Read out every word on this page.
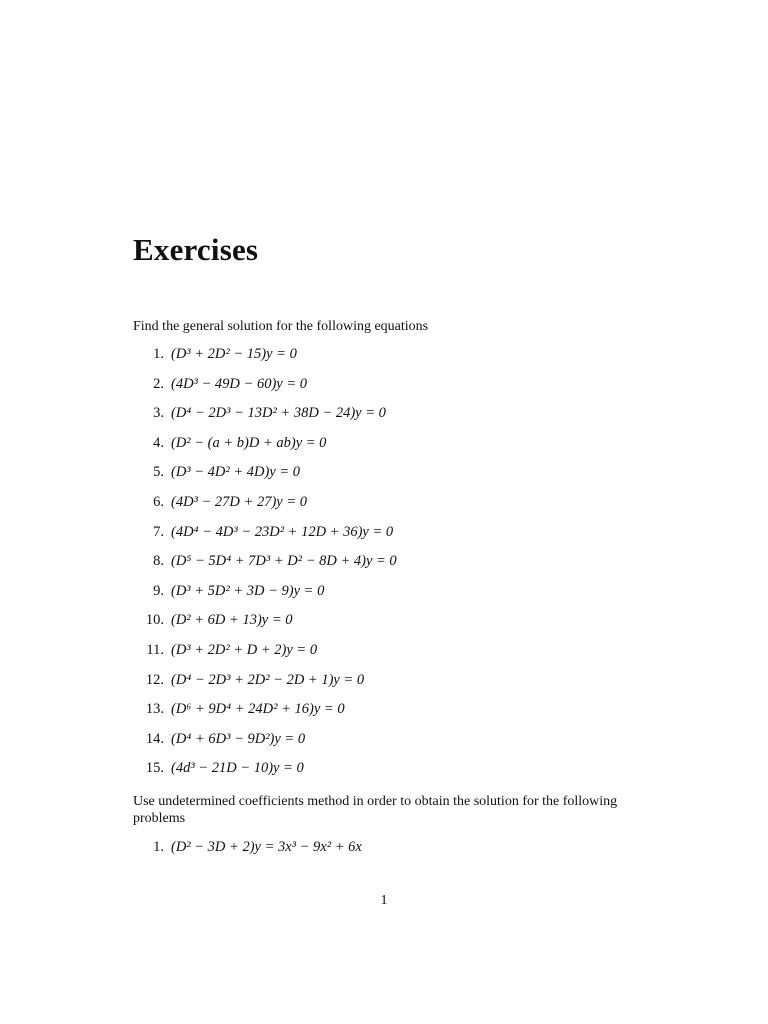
Exercises
Find the general solution for the following equations
1. (D³ + 2D² − 15)y = 0
2. (4D³ − 49D − 60)y = 0
3. (D⁴ − 2D³ − 13D² + 38D − 24)y = 0
4. (D² − (a + b)D + ab)y = 0
5. (D³ − 4D² + 4D)y = 0
6. (4D³ − 27D + 27)y = 0
7. (4D⁴ − 4D³ − 23D² + 12D + 36)y = 0
8. (D⁵ − 5D⁴ + 7D³ + D² − 8D + 4)y = 0
9. (D³ + 5D² + 3D − 9)y = 0
10. (D² + 6D + 13)y = 0
11. (D³ + 2D² + D + 2)y = 0
12. (D⁴ − 2D³ + 2D² − 2D + 1)y = 0
13. (D⁶ + 9D⁴ + 24D² + 16)y = 0
14. (D⁴ + 6D³ − 9D²)y = 0
15. (4d³ − 21D − 10)y = 0
Use undetermined coefficients method in order to obtain the solution for the following problems
1. (D² − 3D + 2)y = 3x³ − 9x² + 6x
1
